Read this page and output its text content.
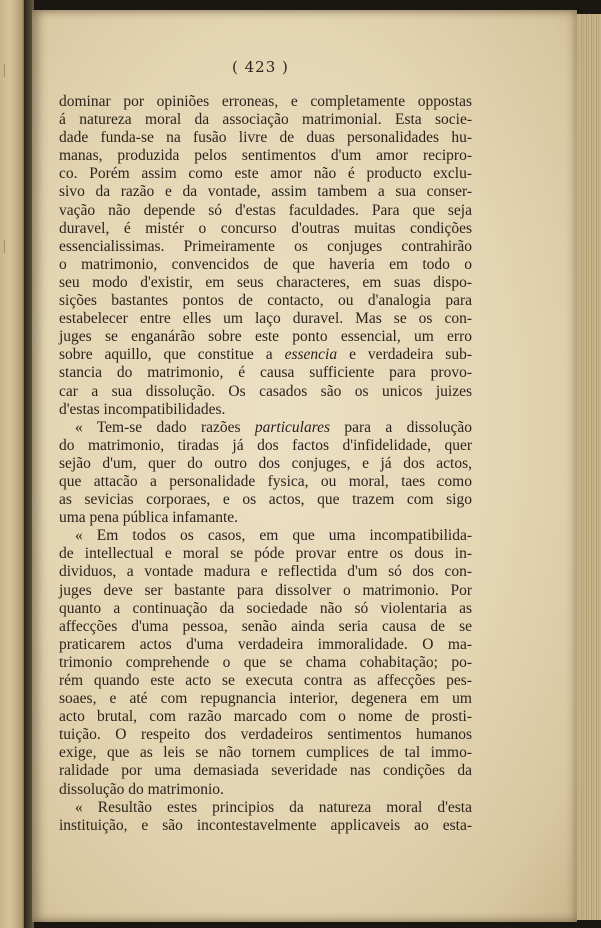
|
|
( 423 )
dominar por opiniões erroneas, e completamente oppostas
á natureza moral da associação matrimonial. Esta socie-
dade funda-se na fusão livre de duas personalidades hu-
manas, produzida pelos sentimentos d'um amor recipro-
co. Porém assim como este amor não é producto exclu-
sivo da razão e da vontade, assim tambem a sua conser-
vação não depende só d'estas faculdades. Para que seja
duravel, é mistér o concurso d'outras muitas condições
essencialissimas. Primeiramente os conjuges contrahirão
o matrimonio, convencidos de que haveria em todo o
seu modo d'existir, em seus characteres, em suas dispo-
sições bastantes pontos de contacto, ou d'analogia para
estabelecer entre elles um laço duravel. Mas se os con-
juges se enganárão sobre este ponto essencial, um erro
sobre aquillo, que constitue a essencia e verdadeira sub-
stancia do matrimonio, é causa sufficiente para provo-
car a sua dissolução. Os casados são os unicos juizes
d'estas incompatibilidades.
« Tem-se dado razões particulares para a dissolução
do matrimonio, tiradas já dos factos d'infidelidade, quer
sejão d'um, quer do outro dos conjuges, e já dos actos,
que attacão a personalidade fysica, ou moral, taes como
as sevicias corporaes, e os actos, que trazem com sigo
uma pena pública infamante.
« Em todos os casos, em que uma incompatibilida-
de intellectual e moral se póde provar entre os dous in-
dividuos, a vontade madura e reflectida d'um só dos con-
juges deve ser bastante para dissolver o matrimonio. Por
quanto a continuação da sociedade não só violentaria as
affecções d'uma pessoa, senão ainda seria causa de se
praticarem actos d'uma verdadeira immoralidade. O ma-
trimonio comprehende o que se chama cohabitação; po-
rém quando este acto se executa contra as affecções pes-
soaes, e até com repugnancia interior, degenera em um
acto brutal, com razão marcado com o nome de prosti-
tuição. O respeito dos verdadeiros sentimentos humanos
exige, que as leis se não tornem cumplices de tal immo-
ralidade por uma demasiada severidade nas condições da
dissolução do matrimonio.
« Resultão estes principios da natureza moral d'esta
instituição, e são incontestavelmente applicaveis ao esta-
